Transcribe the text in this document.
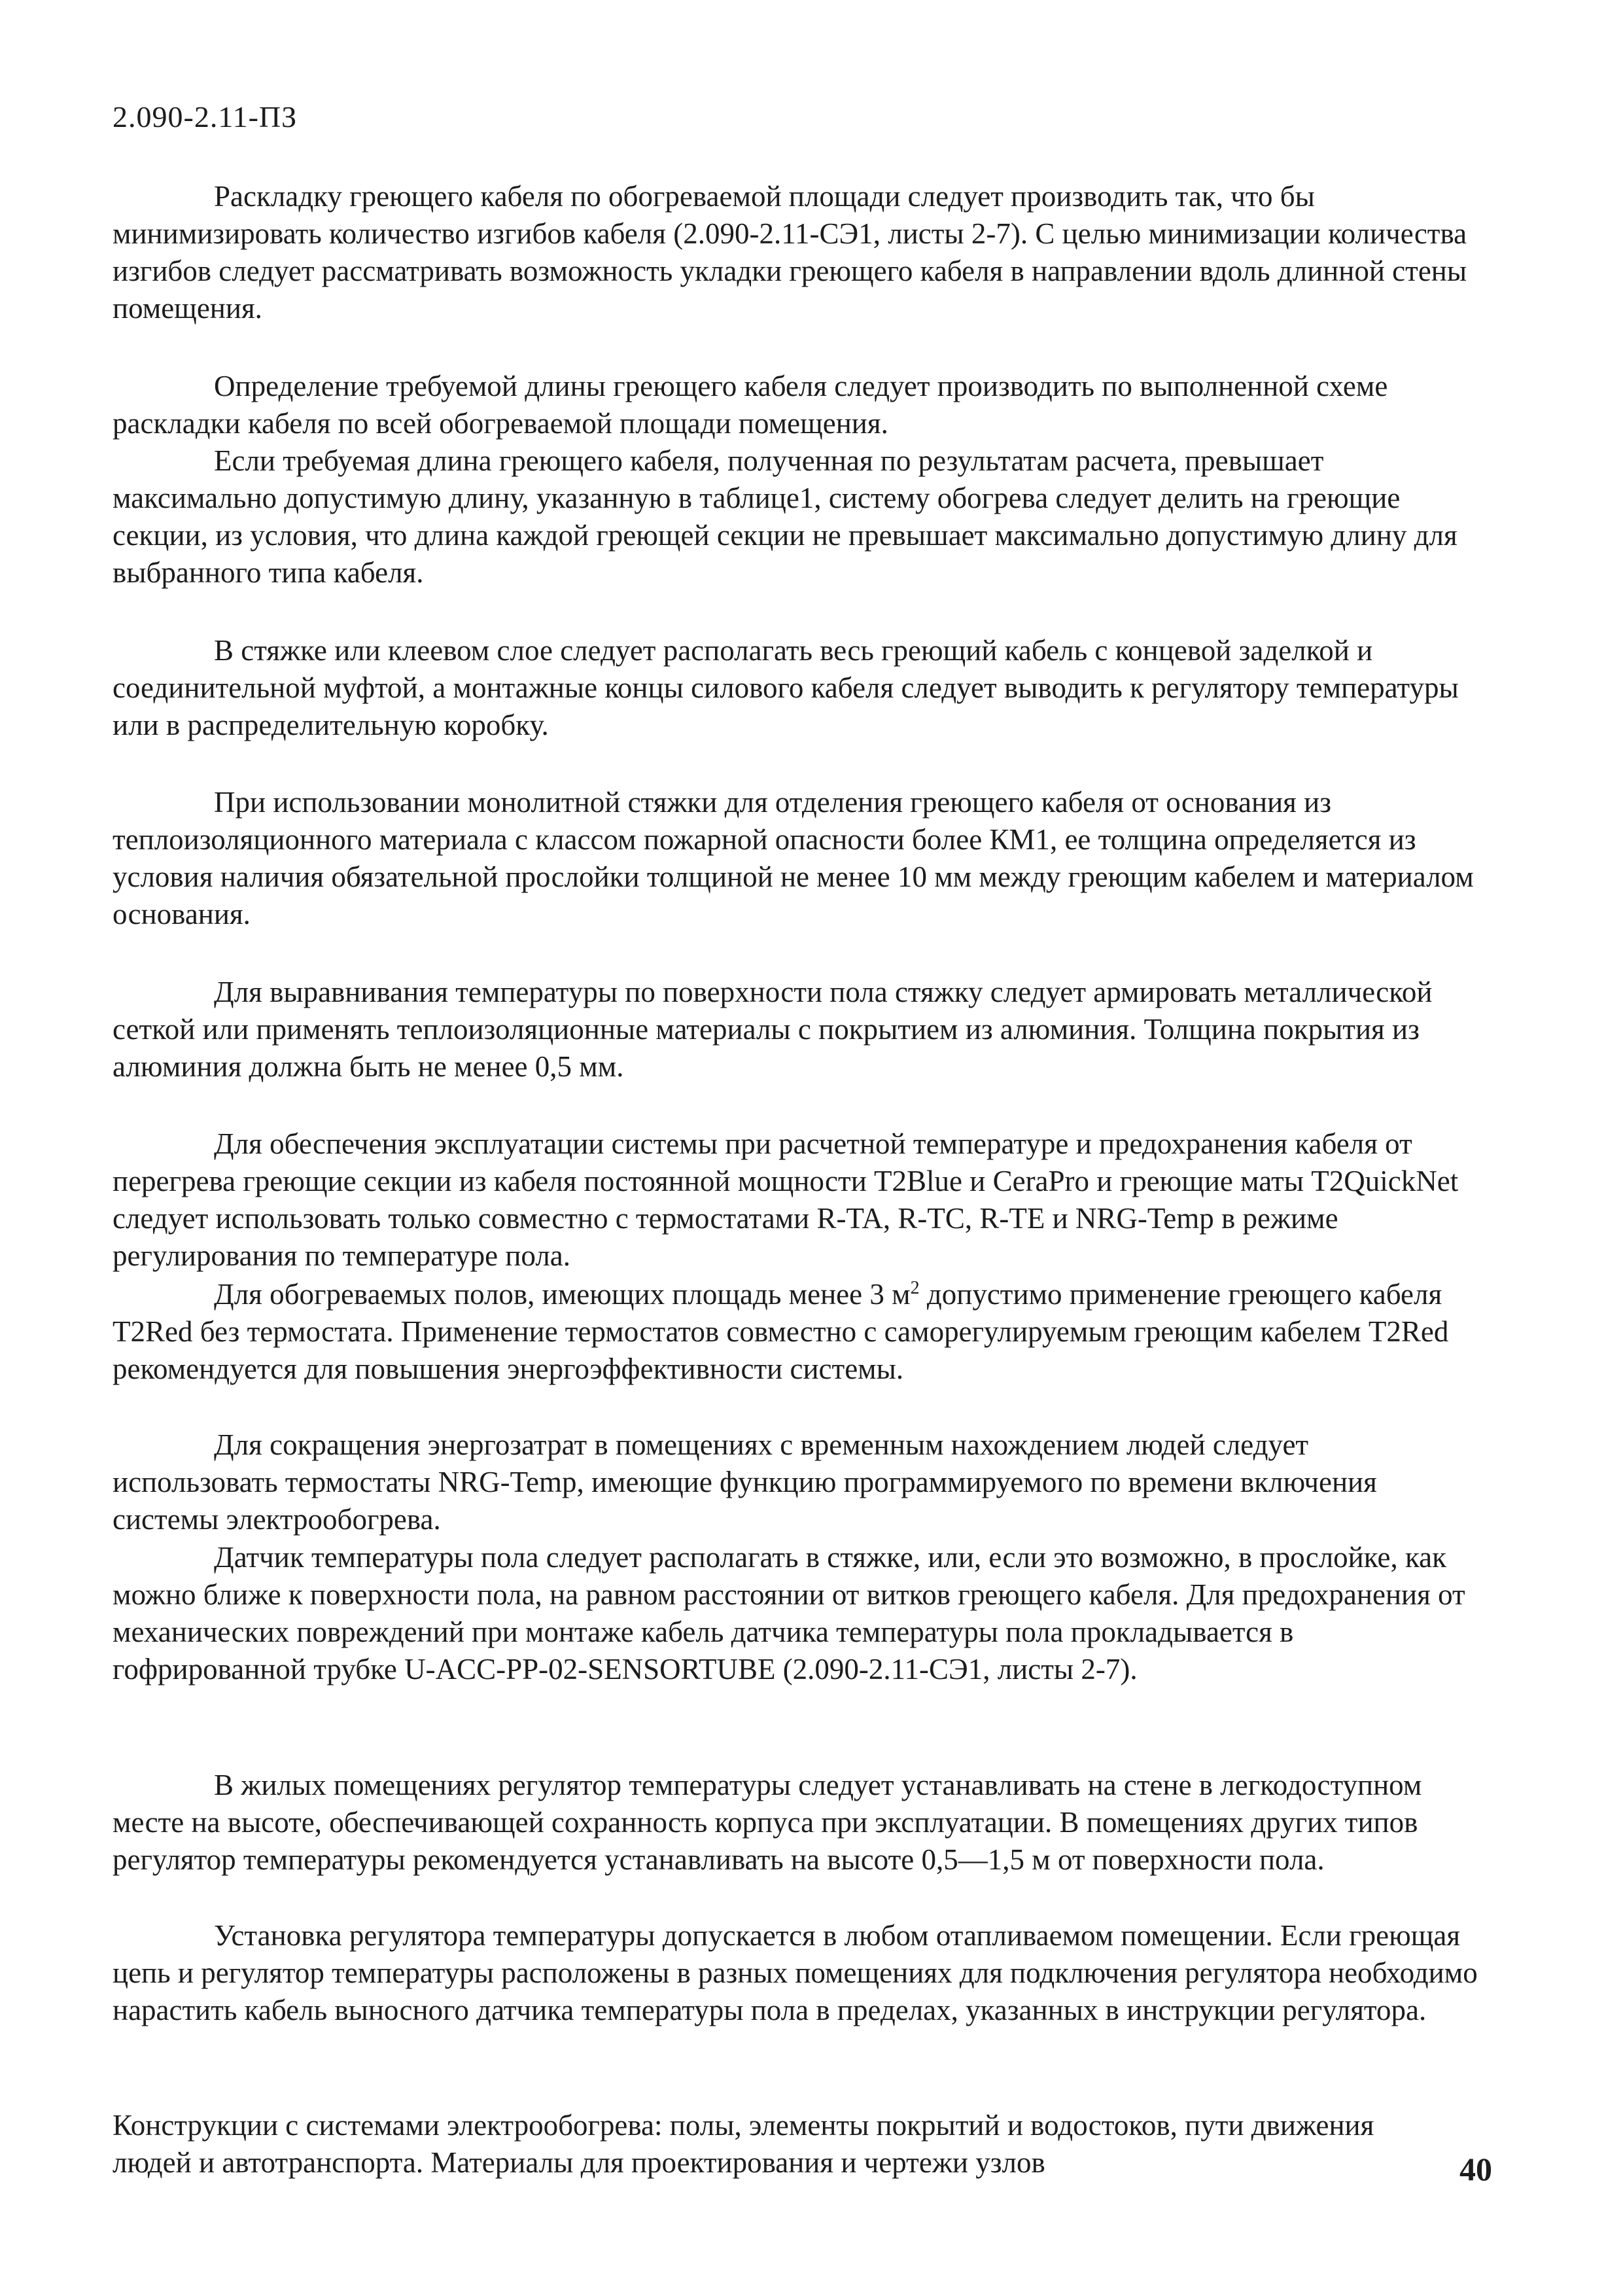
2.090-2.11-ПЗ

Раскладку греющего кабеля по обогреваемой площади следует производить так, что бы минимизировать количество изгибов кабеля (2.090-2.11-СЭ1, листы 2-7). С целью минимизации количества изгибов следует рассматривать возможность укладки греющего кабеля в направлении вдоль длинной стены помещения.

Определение требуемой длины греющего кабеля следует производить по выполненной схеме раскладки кабеля по всей обогреваемой площади помещения.

Если требуемая длина греющего кабеля, полученная по результатам расчета, превышает максимально допустимую длину, указанную в таблице1, систему обогрева следует делить на греющие секции, из условия, что длина каждой греющей секции не превышает максимально допустимую длину для выбранного типа кабеля.

В стяжке или клеевом слое следует располагать весь греющий кабель с концевой заделкой и соединительной муфтой, а монтажные концы силового кабеля следует выводить к регулятору температуры или в распределительную коробку.

При использовании монолитной стяжки для отделения греющего кабеля от основания из теплоизоляционного материала с классом пожарной опасности более КМ1, ее толщина определяется из условия наличия обязательной прослойки толщиной не менее 10 мм между греющим кабелем и материалом основания.

Для выравнивания температуры по поверхности пола стяжку следует армировать металлической сеткой или применять теплоизоляционные материалы с покрытием из алюминия. Толщина покрытия из алюминия должна быть не менее 0,5 мм.

Для обеспечения эксплуатации системы при расчетной температуре и предохранения кабеля от перегрева греющие секции из кабеля постоянной мощности T2Blue и CeraPro и греющие маты T2QuickNet следует использовать только совместно с термостатами R-TA, R-TC, R-TE и NRG-Temp в режиме регулирования по температуре пола.

Для обогреваемых полов, имеющих площадь менее 3 $м^2$ допустимо применение греющего кабеля T2Red без термостата. Применение термостатов совместно с саморегулируемым греющим кабелем T2Red рекомендуется для повышения энергоэффективности системы.

Для сокращения энергозатрат в помещениях с временным нахождением людей следует использовать термостаты NRG-Temp, имеющие функцию программируемого по времени включения системы электрообогрева.

Датчик температуры пола следует располагать в стяжке, или, если это возможно, в прослойке, как можно ближе к поверхности пола, на равном расстоянии от витков греющего кабеля. Для предохранения от механических повреждений при монтаже кабель датчика температуры пола прокладывается в гофрированной трубке U-ACC-PP-02-SENSORTUBE (2.090-2.11-СЭ1, листы 2-7).

В жилых помещениях регулятор температуры следует устанавливать на стене в легкодоступном месте на высоте, обеспечивающей сохранность корпуса при эксплуатации. В помещениях других типов регулятор температуры рекомендуется устанавливать на высоте 0,5—1,5 м от поверхности пола.

Установка регулятора температуры допускается в любом отапливаемом помещении. Если греющая цепь и регулятор температуры расположены в разных помещениях для подключения регулятора необходимо нарастить кабель выносного датчика температуры пола в пределах, указанных в инструкции регулятора.

Конструкции с системами электрообогрева: полы, элементы покрытий и водостоков, пути движения людей и автотранспорта. Материалы для проектирования и чертежи узлов	40
